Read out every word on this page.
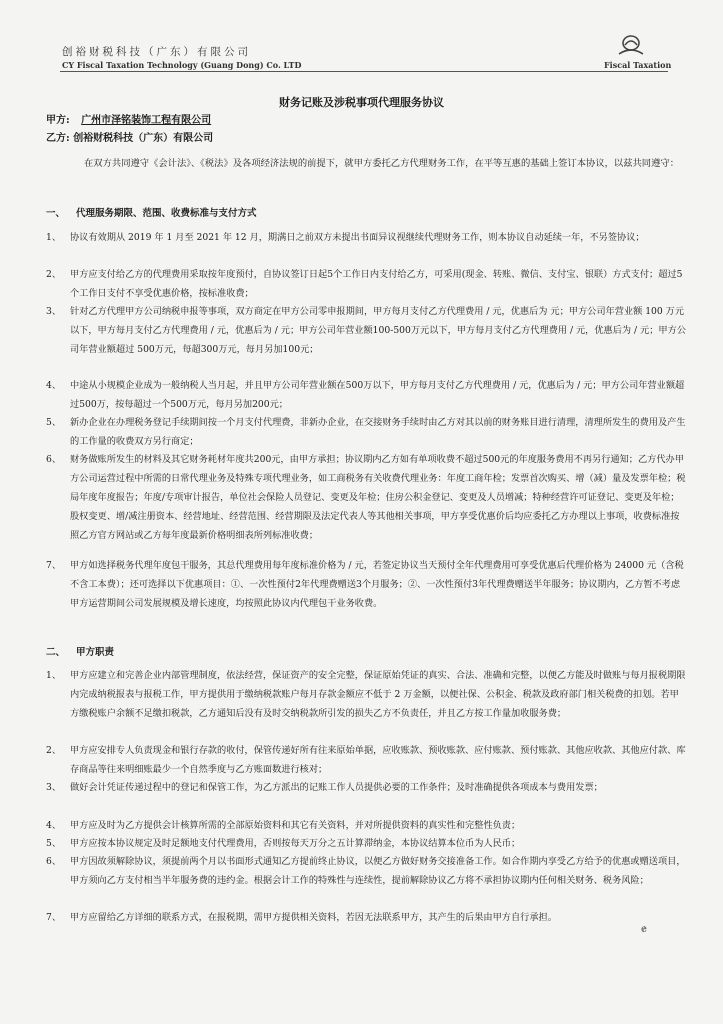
创裕财税科技（广东）有限公司
CY Fiscal Taxation Technology (Guang Dong) Co. LTD	Fiscal Taxation
财务记账及涉税事项代理服务协议
甲方: 广州市泽铭装饰工程有限公司
乙方: 创裕财税科技（广东）有限公司
在双方共同遵守《会计法》、《税法》及各项经济法规的前提下，就甲方委托乙方代理财务工作，在平等互惠的基础上签订本协议，以兹共同遵守：
一、 代理服务期限、范围、收费标准与支付方式
1、 协议有效期从 2019 年 1 月至 2021 年 12 月，期满日之前双方未提出书面异议视继续代理财务工作，则本协议自动延续一年，不另签协议；
2、 甲方应支付给乙方的代理费用采取按年度预付，自协议签订日起5个工作日内支付给乙方，可采用(现金、转账、微信、支付宝、银联）方式支付；超过5个工作日支付不享受优惠价格，按标准收费；
3、 针对乙方代理甲方公司纳税申报等事项，双方商定在甲方公司零申报期间，甲方每月支付乙方代理费用 / 元，优惠后为 元；甲方公司年营业额 100 万元以下，甲方每月支付乙方代理费用 / 元，优惠后为 / 元；甲方公司年营业额100-500万元以下，甲方每月支付乙方代理费用 / 元，优惠后为 / 元；甲方公司年营业额超过 500万元，每超300万元，每月另加100元；
4、 中途从小规模企业成为一般纳税人当月起，并且甲方公司年营业额在500万以下，甲方每月支付乙方代理费用 / 元，优惠后为 / 元；甲方公司年营业额超过500万，按每超过一个500万元，每月另加200元；
5、 新办企业在办理税务登记手续期间按一个月支付代理费，非新办企业，在交接财务手续时由乙方对其以前的财务账目进行清理，清理所发生的费用及产生的工作量的收费双方另行商定；
6、 财务做账所发生的材料及其它财务耗材年度共200元，由甲方承担；协议期内乙方如有单项收费不超过500元的年度服务费用不再另行通知；乙方代办甲方公司运营过程中所需的日常代理业务及特殊专项代理业务，如工商税务有关收费代理业务：年度工商年检；发票首次购买、增（减）量及发票年检；税局年度年度报告；年度/专项审计报告，单位社会保险人员登记、变更及年检；住房公积金登记、变更及人员增减；特种经营许可证登记、变更及年检；股权变更、增/减注册资本、经营地址、经营范围、经营期限及法定代表人等其他相关事项，甲方享受优惠价后均应委托乙方办理以上事项，收费标准按照乙方官方网站或乙方每年度最新价格明细表所列标准收费；
7、 甲方如选择税务代理年度包干服务，其总代理费用每年度标准价格为 / 元，若签定协议当天预付全年代理费用可享受优惠后代理价格为 24000 元（含税不含工本费）；还可选择以下优惠项目：①、一次性预付2年代理费赠送3个月服务；②、一次性预付3年代理费赠送半年服务；协议期内，乙方暂不考虑甲方运营期间公司发展规模及增长速度，均按照此协议内代理包干业务收费。
二、 甲方职责
1、 甲方应建立和完善企业内部管理制度，依法经营，保证资产的安全完整，保证原始凭证的真实、合法、准确和完整，以便乙方能及时做账与每月报税期限内完成纳税报表与报税工作，甲方提供用于缴纳税款账户每月存款金额应不低于 2 万金额，以便社保、公积金、税款及政府部门相关税费的扣划。若甲方缴税账户余额不足缴扣税款，乙方通知后没有及时交纳税款所引发的损失乙方不负责任，并且乙方按工作量加收服务费；
2、 甲方应安排专人负责现金和银行存款的收付，保管传递好所有往来原始单据，应收账款、预收账款、应付账款、预付账款、其他应收款、其他应付款、库存商品等往来明细账最少一个自然季度与乙方账面数进行核对；
3、 做好会计凭证传递过程中的登记和保管工作，为乙方派出的记账工作人员提供必要的工作条件；及时准确提供各项成本与费用发票；
4、 甲方应及时为乙方提供会计核算所需的全部原始资料和其它有关资料，并对所提供资料的真实性和完整性负责；
5、 甲方应按本协议规定及时足额地支付代理费用，否则按每天万分之五计算滞纳金，本协议结算本位币为人民币；
6、 甲方因故须解除协议，须提前两个月以书面形式通知乙方提前终止协议，以便乙方做好财务交接准备工作。如合作期内享受乙方给予的优惠或赠送项目，甲方须向乙方支付相当半年服务费的违约金。根据会计工作的特殊性与连续性，提前解除协议乙方将不承担协议期内任何相关财务、税务风险；
7、 甲方应留给乙方详细的联系方式，在报税期，需甲方提供相关资料，若因无法联系甲方，其产生的后果由甲方自行承担。
ɇ
